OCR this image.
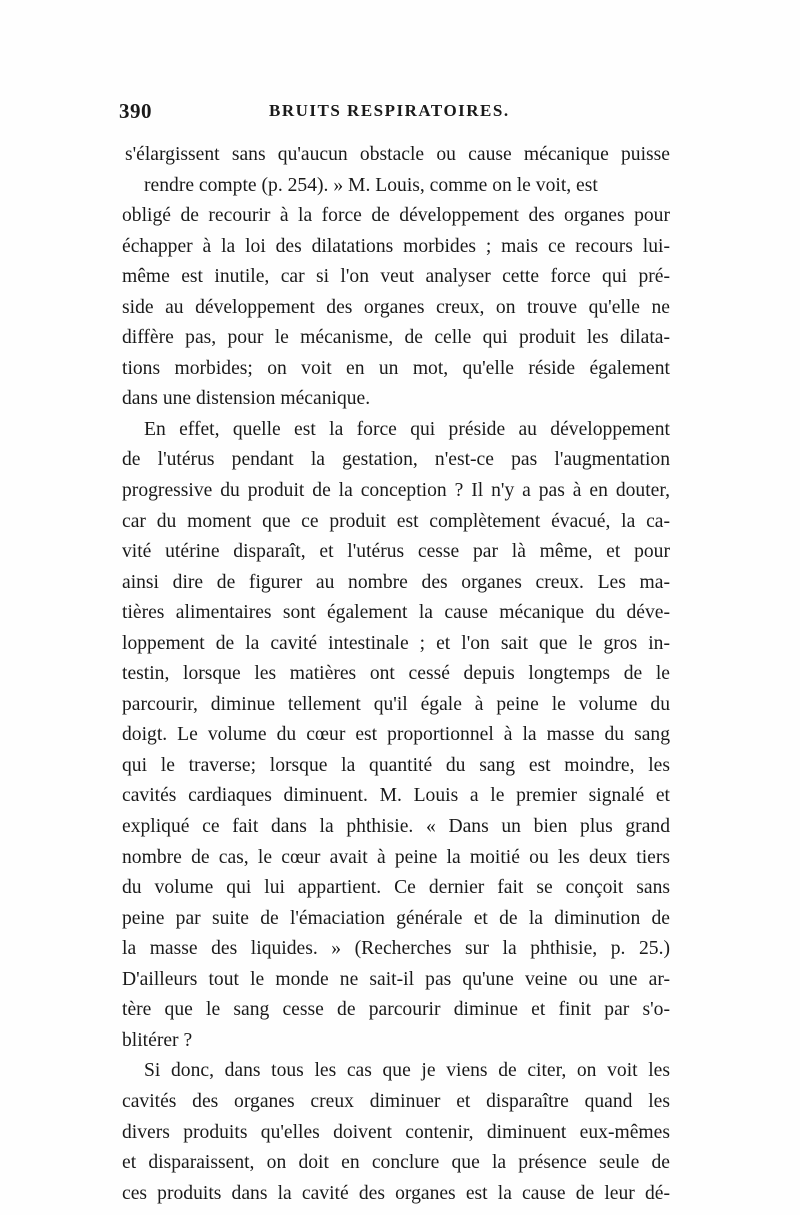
390	BRUITS RESPIRATOIRES.
s'élargissent sans qu'aucun obstacle ou cause mécanique puisse
rendre compte (p. 254). » M. Louis, comme on le voit, est
obligé de recourir à la force de développement des organes pour
échapper à la loi des dilatations morbides ; mais ce recours lui-
même est inutile, car si l'on veut analyser cette force qui pré-
side au développement des organes creux, on trouve qu'elle ne
diffère pas, pour le mécanisme, de celle qui produit les dilata-
tions morbides; on voit en un mot, qu'elle réside également
dans une distension mécanique.
En effet, quelle est la force qui préside au développement
de l'utérus pendant la gestation, n'est-ce pas l'augmentation
progressive du produit de la conception ? Il n'y a pas à en douter,
car du moment que ce produit est complètement évacué, la ca-
vité utérine disparaît, et l'utérus cesse par là même, et pour
ainsi dire de figurer au nombre des organes creux. Les ma-
tières alimentaires sont également la cause mécanique du déve-
loppement de la cavité intestinale ; et l'on sait que le gros in-
testin, lorsque les matières ont cessé depuis longtemps de le
parcourir, diminue tellement qu'il égale à peine le volume du
doigt. Le volume du cœur est proportionnel à la masse du sang
qui le traverse; lorsque la quantité du sang est moindre, les
cavités cardiaques diminuent. M. Louis a le premier signalé et
expliqué ce fait dans la phthisie. « Dans un bien plus grand
nombre de cas, le cœur avait à peine la moitié ou les deux tiers
du volume qui lui appartient. Ce dernier fait se conçoit sans
peine par suite de l'émaciation générale et de la diminution de
la masse des liquides. » (Recherches sur la phthisie, p. 25.)
D'ailleurs tout le monde ne sait-il pas qu'une veine ou une ar-
tère que le sang cesse de parcourir diminue et finit par s'o-
blitérer ?
Si donc, dans tous les cas que je viens de citer, on voit les
cavités des organes creux diminuer et disparaître quand les
divers produits qu'elles doivent contenir, diminuent eux-mêmes
et disparaissent, on doit en conclure que la présence seule de
ces produits dans la cavité des organes est la cause de leur dé-
